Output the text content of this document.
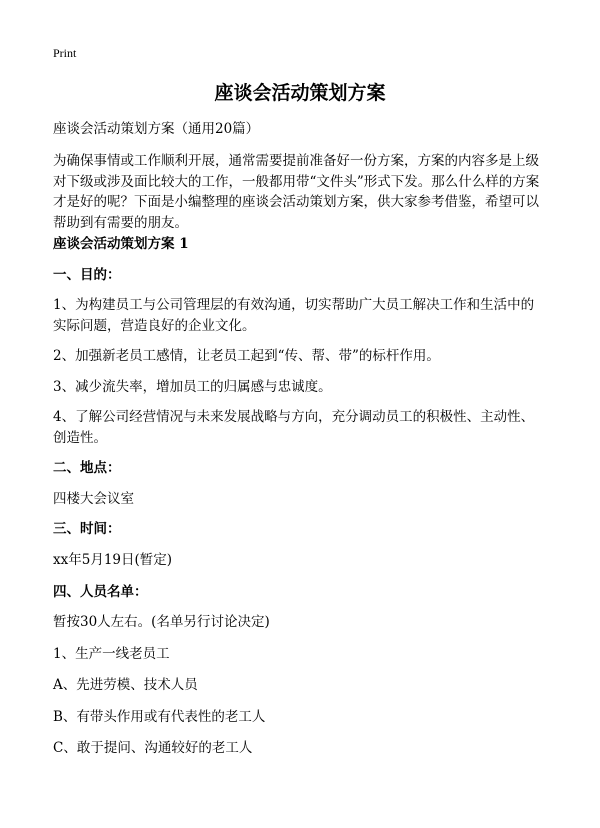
Print
座谈会活动策划方案
座谈会活动策划方案（通用20篇）
为确保事情或工作顺利开展，通常需要提前准备好一份方案，方案的内容多是上级
对下级或涉及面比较大的工作，一般都用带“文件头”形式下发。那么什么样的方案
才是好的呢？下面是小编整理的座谈会活动策划方案，供大家参考借鉴，希望可以
帮助到有需要的朋友。
座谈会活动策划方案 1
一、目的：
1、为构建员工与公司管理层的有效沟通，切实帮助广大员工解决工作和生活中的
实际问题，营造良好的企业文化。
2、加强新老员工感情，让老员工起到“传、帮、带”的标杆作用。
3、减少流失率，增加员工的归属感与忠诚度。
4、了解公司经营情况与未来发展战略与方向，充分调动员工的积极性、主动性、
创造性。
二、地点：
四楼大会议室
三、时间：
xx年5月19日(暂定)
四、人员名单：
暂按30人左右。(名单另行讨论决定)
1、生产一线老员工
A、先进劳模、技术人员
B、有带头作用或有代表性的老工人
C、敢于提问、沟通较好的老工人
